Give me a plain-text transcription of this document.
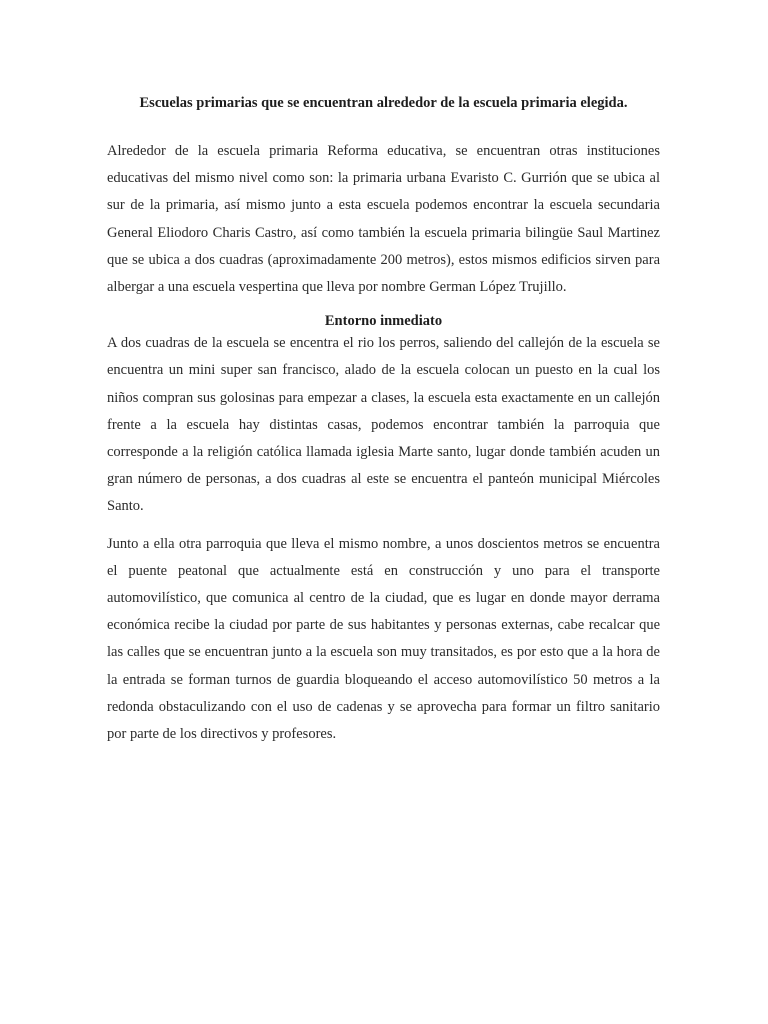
Escuelas primarias que se encuentran alrededor de la escuela primaria elegida.

Alrededor de la escuela primaria Reforma educativa, se encuentran otras instituciones educativas del mismo nivel como son: la primaria urbana Evaristo C. Gurrión que se ubica al sur de la primaria, así mismo junto a esta escuela podemos encontrar la escuela secundaria General Eliodoro Charis Castro, así como también la escuela primaria bilingüe Saul Martinez que se ubica a dos cuadras (aproximadamente 200 metros), estos mismos edificios sirven para albergar a una escuela vespertina que lleva por nombre German López Trujillo.

Entorno inmediato

A dos cuadras de la escuela se encentra el rio los perros, saliendo del callejón de la escuela se encuentra un mini super san francisco, alado de la escuela colocan un puesto en la cual los niños compran sus golosinas para empezar a clases, la escuela esta exactamente en un callejón frente a la escuela hay distintas casas, podemos encontrar también la parroquia que corresponde a la religión católica llamada iglesia Marte santo, lugar donde también acuden un gran número de personas, a dos cuadras al este se encuentra el panteón municipal Miércoles Santo.

Junto a ella otra parroquia que lleva el mismo nombre, a unos doscientos metros se encuentra el puente peatonal que actualmente está en construcción y uno para el transporte automovilístico, que comunica al centro de la ciudad, que es lugar en donde mayor derrama económica recibe la ciudad por parte de sus habitantes y personas externas, cabe recalcar que las calles que se encuentran junto a la escuela son muy transitados, es por esto que a la hora de la entrada se forman turnos de guardia bloqueando el acceso automovilístico 50 metros a la redonda obstaculizando con el uso de cadenas y se aprovecha para formar un filtro sanitario por parte de los directivos y profesores.
